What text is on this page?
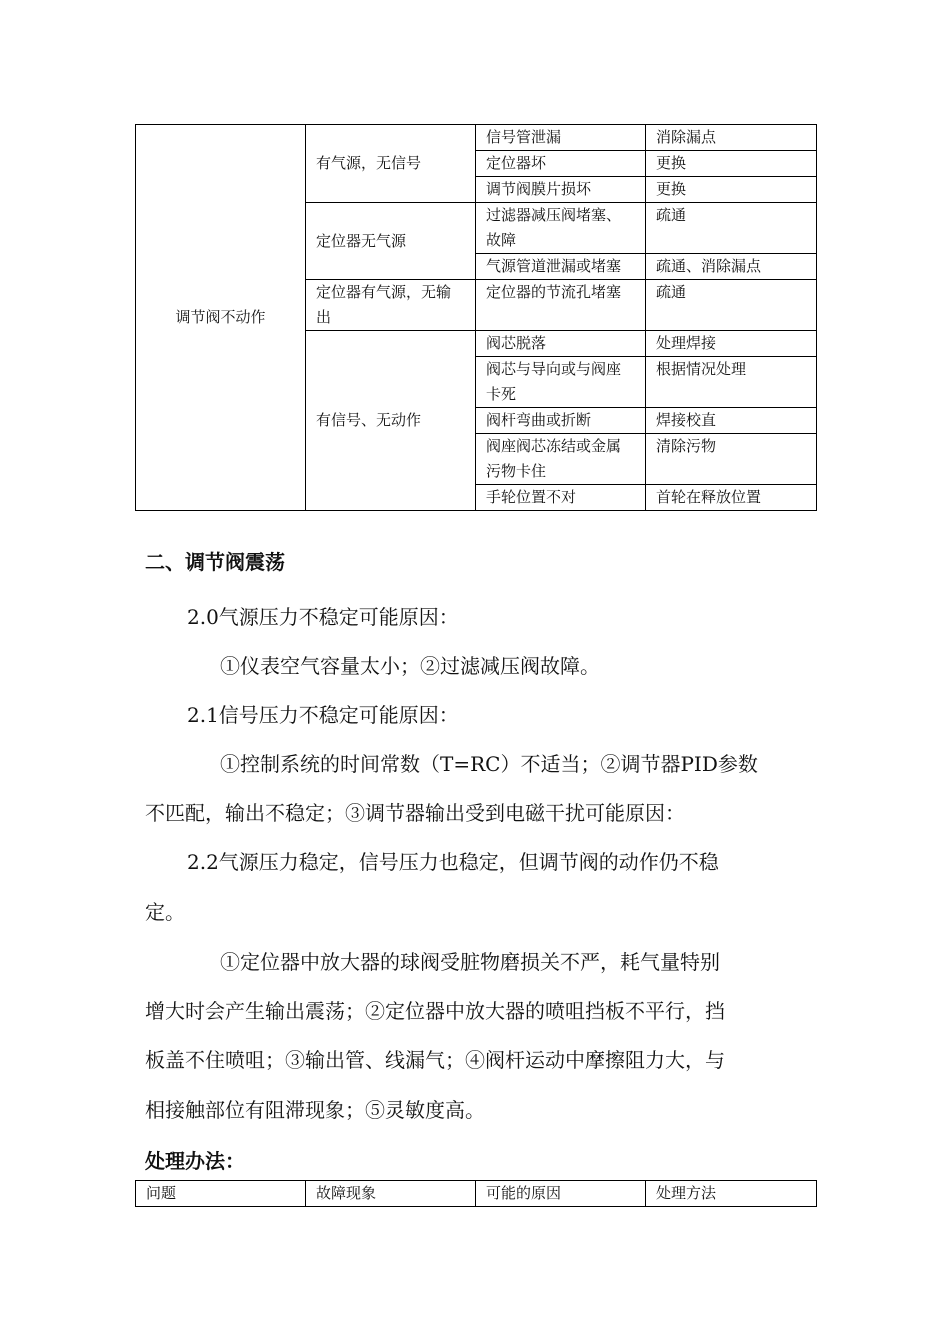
调节阀不动作	有气源，无信号	信号管泄漏	消除漏点
		定位器坏	更换
		调节阀膜片损坏	更换
	定位器无气源	过滤器减压阀堵塞、故障	疏通
		气源管道泄漏或堵塞	疏通、消除漏点
	定位器有气源，无输出	定位器的节流孔堵塞	疏通
	有信号、无动作	阀芯脱落	处理焊接
		阀芯与导向或与阀座卡死	根据情况处理
		阀杆弯曲或折断	焊接校直
		阀座阀芯冻结或金属污物卡住	清除污物
		手轮位置不对	首轮在释放位置
二、调节阀震荡
2.0气源压力不稳定可能原因：
①仪表空气容量太小；②过滤减压阀故障。
2.1信号压力不稳定可能原因：
①控制系统的时间常数（T=RC）不适当；②调节器PID参数
不匹配，输出不稳定；③调节器输出受到电磁干扰可能原因：
2.2气源压力稳定，信号压力也稳定，但调节阀的动作仍不稳
定。
①定位器中放大器的球阀受脏物磨损关不严，耗气量特别
增大时会产生输出震荡；②定位器中放大器的喷咀挡板不平行，挡
板盖不住喷咀；③输出管、线漏气；④阀杆运动中摩擦阻力大，与
相接触部位有阻滞现象；⑤灵敏度高。
处理办法：
问题	故障现象	可能的原因	处理方法
